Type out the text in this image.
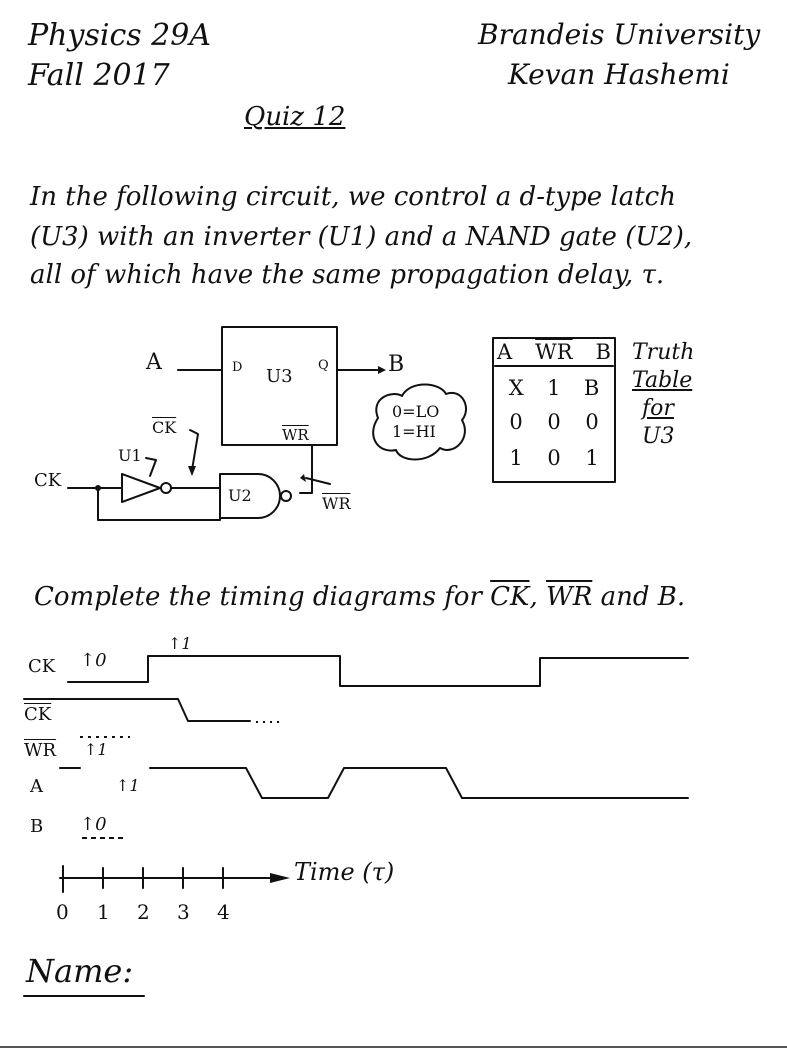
Physics 29A
Fall 2017
Brandeis University
Kevan Hashemi
Quiz 12
In the following circuit, we control a d-type latch
(U3) with an inverter (U1) and a NAND gate (U2),
all of which have the same propagation delay, τ.
A	D U3
Q	B
$\overline{WR}$
$\overline{CK}$
U1
CK
U2	$\overline{WR}$
0=LO
1=HI
A $\overline{WR}$ B
X 1 B
0 0 0
1 0 1
Truth
Table
for
U3
Complete the timing diagrams for $\overline{CK}$, $\overline{WR}$ and B.
CK ↑0
↑1
$\overline{CK}$
$\overline{WR}$ ↑1
A	↑1
B ↑0
0 1 2 3 4
Time (τ)
Name:
